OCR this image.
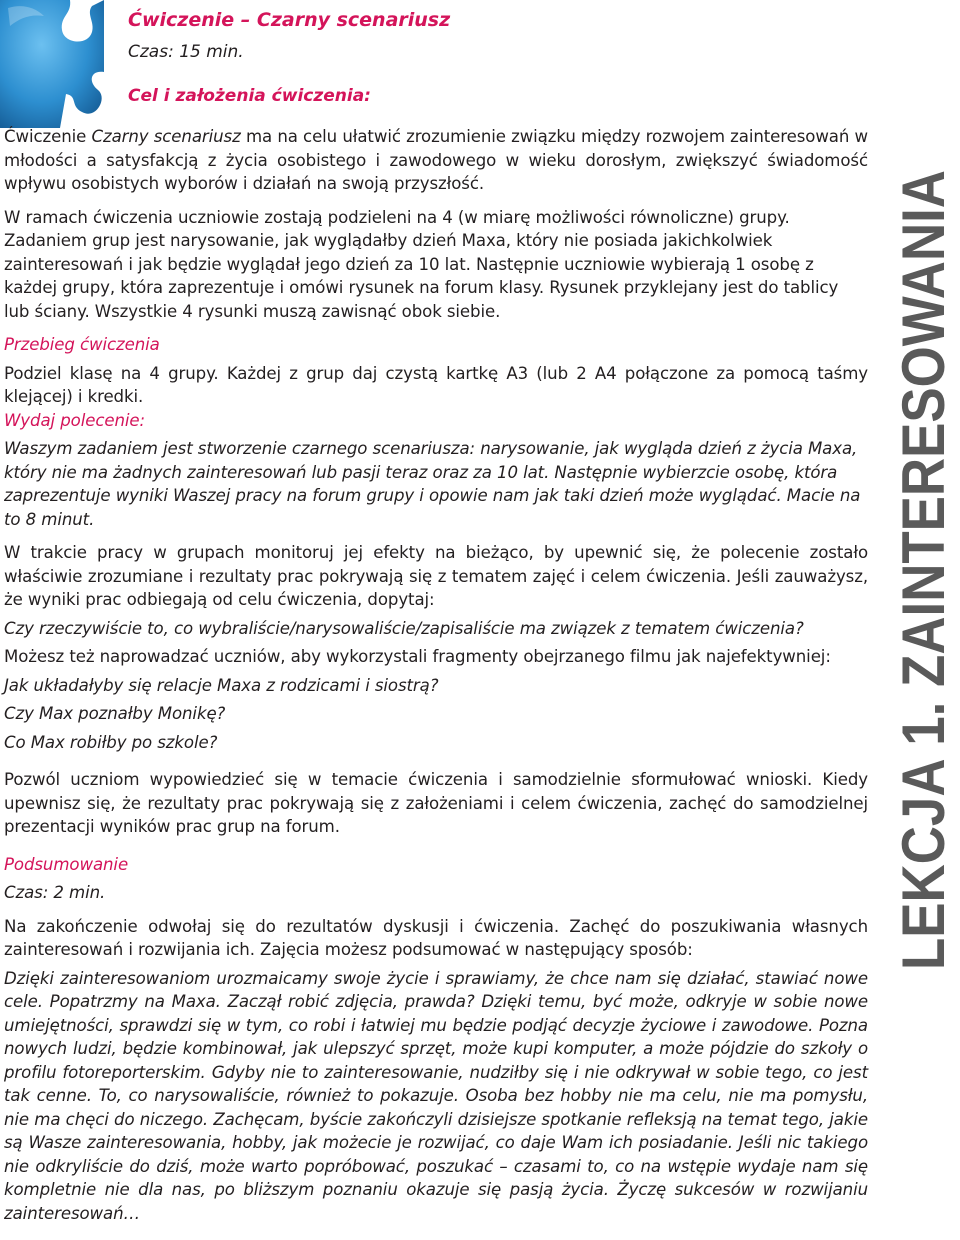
Ćwiczenie – Czarny scenariusz
Czas: 15 min.
Cel i założenia ćwiczenia:

Ćwiczenie Czarny scenariusz ma na celu ułatwić zrozumienie związku między rozwojem zainteresowań w młodości a satysfakcją z życia osobistego i zawodowego w wieku dorosłym, zwiększyć świadomość wpływu osobistych wyborów i działań na swoją przyszłość.

W ramach ćwiczenia uczniowie zostają podzieleni na 4 (w miarę możliwości równoliczne) grupy. Zadaniem grup jest narysowanie, jak wyglądałby dzień Maxa, który nie posiada jakichkolwiek zainteresowań i jak będzie wyglądał jego dzień za 10 lat. Następnie uczniowie wybierają 1 osobę z każdej grupy, która zaprezentuje i omówi rysunek na forum klasy. Rysunek przyklejany jest do tablicy lub ściany. Wszystkie 4 rysunki muszą zawisnąć obok siebie.

Przebieg ćwiczenia

Podziel klasę na 4 grupy. Każdej z grup daj czystą kartkę A3 (lub 2 A4 połączone za pomocą taśmy klejącej) i kredki.

Wydaj polecenie:

Waszym zadaniem jest stworzenie czarnego scenariusza: narysowanie, jak wygląda dzień z życia Maxa, który nie ma żadnych zainteresowań lub pasji teraz oraz za 10 lat. Następnie wybierzcie osobę, która zaprezentuje wyniki Waszej pracy na forum grupy i opowie nam jak taki dzień może wyglądać. Macie na to 8 minut.

W trakcie pracy w grupach monitoruj jej efekty na bieżąco, by upewnić się, że polecenie zostało właściwie zrozumiane i rezultaty prac pokrywają się z tematem zajęć i celem ćwiczenia. Jeśli zauważysz, że wyniki prac odbiegają od celu ćwiczenia, dopytaj:

Czy rzeczywiście to, co wybraliście/narysowaliście/zapisaliście ma związek z tematem ćwiczenia?

Możesz też naprowadzać uczniów, aby wykorzystali fragmenty obejrzanego filmu jak najefektywniej:

Jak układałyby się relacje Maxa z rodzicami i siostrą?

Czy Max poznałby Monikę?

Co Max robiłby po szkole?

Pozwól uczniom wypowiedzieć się w temacie ćwiczenia i samodzielnie sformułować wnioski. Kiedy upewnisz się, że rezultaty prac pokrywają się z założeniami i celem ćwiczenia, zachęć do samodzielnej prezentacji wyników prac grup na forum.

Podsumowanie

Czas: 2 min.

Na zakończenie odwołaj się do rezultatów dyskusji i ćwiczenia. Zachęć do poszukiwania własnych zainteresowań i rozwijania ich. Zajęcia możesz podsumować w następujący sposób:

Dzięki zainteresowaniom urozmaicamy swoje życie i sprawiamy, że chce nam się działać, stawiać nowe cele. Popatrzmy na Maxa. Zaczął robić zdjęcia, prawda? Dzięki temu, być może, odkryje w sobie nowe umiejętności, sprawdzi się w tym, co robi i łatwiej mu będzie podjąć decyzje życiowe i zawodowe. Pozna nowych ludzi, będzie kombinował, jak ulepszyć sprzęt, może kupi komputer, a może pójdzie do szkoły o profilu fotoreporterskim. Gdyby nie to zainteresowanie, nudziłby się i nie odkrywał w sobie tego, co jest tak cenne. To, co narysowaliście, również to pokazuje. Osoba bez hobby nie ma celu, nie ma pomysłu, nie ma chęci do niczego. Zachęcam, byście zakończyli dzisiejsze spotkanie refleksją na temat tego, jakie są Wasze zainteresowania, hobby, jak możecie je rozwijać, co daje Wam ich posiadanie. Jeśli nic takiego nie odkryliście do dziś, może warto popróbować, poszukać – czasami to, co na wstępie wydaje nam się kompletnie nie dla nas, po bliższym poznaniu okazuje się pasją życia. Życzę sukcesów w rozwijaniu zainteresowań…

LEKCJA 1. ZAINTERESOWANIA
